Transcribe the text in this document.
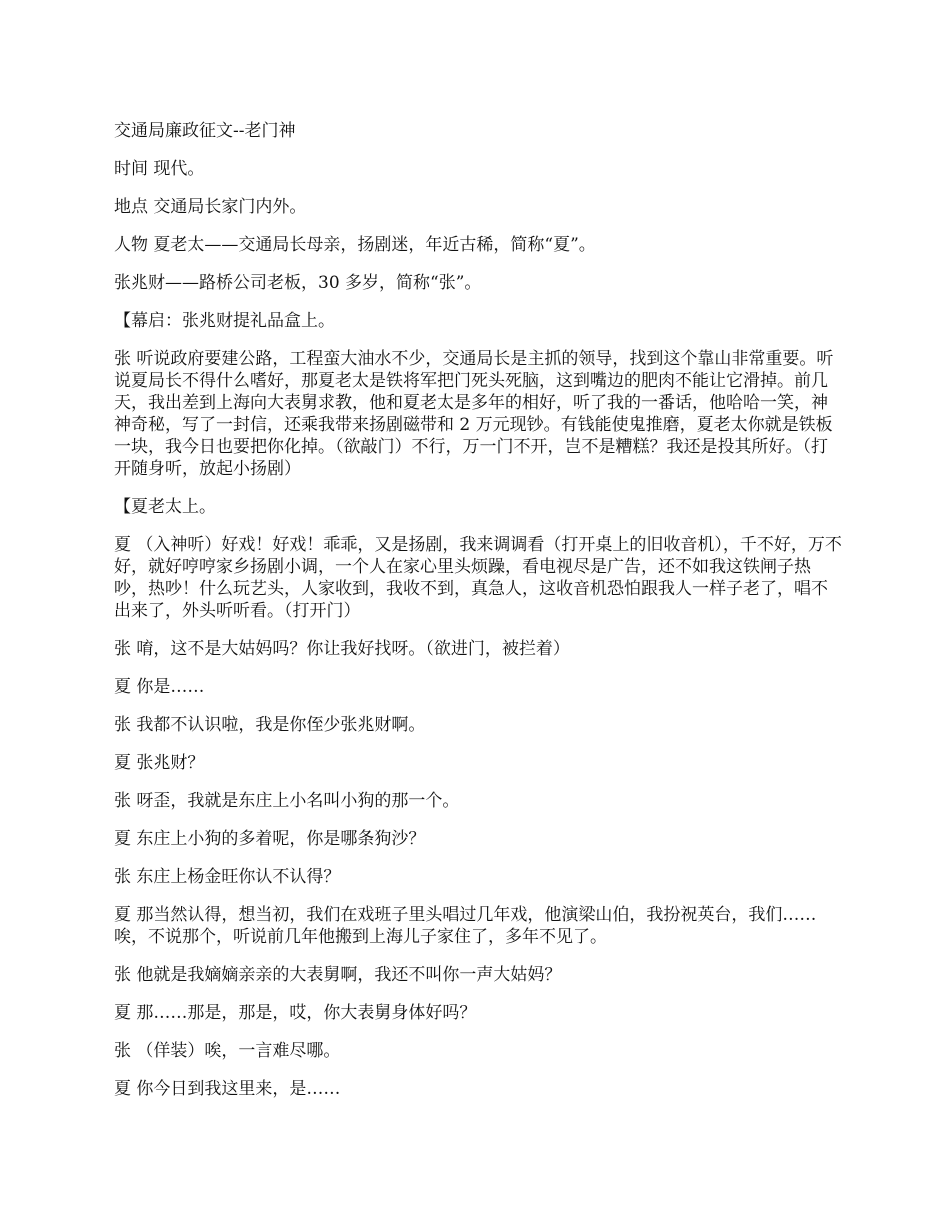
交通局廉政征文--老门神

时间 现代。

地点 交通局长家门内外。

人物 夏老太——交通局长母亲，扬剧迷，年近古稀，简称“夏”。

张兆财——路桥公司老板，30 多岁，简称“张”。

【幕启：张兆财提礼品盒上。

张 听说政府要建公路，工程蛮大油水不少，交通局长是主抓的领导，找到这个靠山非常重要。听说夏局长不得什么嗜好，那夏老太是铁将军把门死头死脑，这到嘴边的肥肉不能让它滑掉。前几天，我出差到上海向大表舅求教，他和夏老太是多年的相好，听了我的一番话，他哈哈一笑，神神奇秘，写了一封信，还乘我带来扬剧磁带和 2 万元现钞。有钱能使鬼推磨，夏老太你就是铁板一块，我今日也要把你化掉。（欲敲门）不行，万一门不开，岂不是糟糕？我还是投其所好。（打开随身听，放起小扬剧）

【夏老太上。

夏 （入神听）好戏！好戏！乖乖，又是扬剧，我来调调看（打开桌上的旧收音机），千不好，万不好，就好哼哼家乡扬剧小调，一个人在家心里头烦躁，看电视尽是广告，还不如我这铁闸子热吵，热吵！什么玩艺头，人家收到，我收不到，真急人，这收音机恐怕跟我人一样子老了，唱不出来了，外头听听看。（打开门）

张 唷，这不是大姑妈吗？你让我好找呀。（欲进门，被拦着）

夏 你是……

张 我都不认识啦，我是你侄少张兆财啊。

夏 张兆财？

张 呀歪，我就是东庄上小名叫小狗的那一个。

夏 东庄上小狗的多着呢，你是哪条狗沙？

张 东庄上杨金旺你认不认得？

夏 那当然认得，想当初，我们在戏班子里头唱过几年戏，他演梁山伯，我扮祝英台，我们……唉，不说那个，听说前几年他搬到上海儿子家住了，多年不见了。

张 他就是我嫡嫡亲亲的大表舅啊，我还不叫你一声大姑妈？

夏 那……那是，那是，哎，你大表舅身体好吗？

张 （佯装）唉，一言难尽哪。

夏 你今日到我这里来，是……
